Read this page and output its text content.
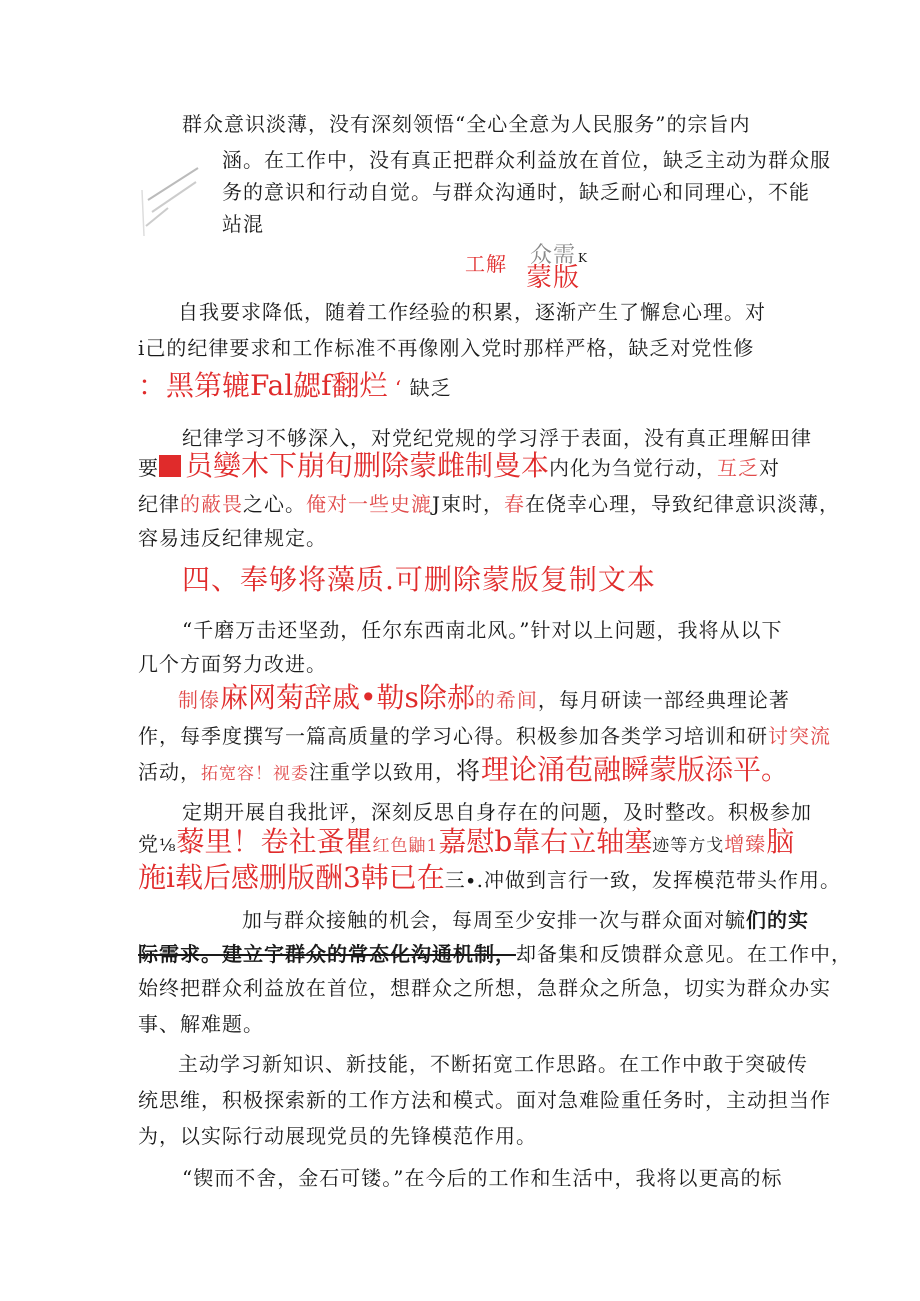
群众意识淡薄，没有深刻领悟“全心全意为人民服务”的宗旨内
涵。在工作中，没有真正把群众利益放在首位，缺乏主动为群众服
务的意识和行动自觉。与群众沟通时，缺乏耐心和同理心，不能
站混
工解 众需 K
蒙版
自我要求降低，随着工作经验的积累，逐渐产生了懈怠心理。对
i己的纪律要求和工作标准不再像刚入党时那样严格，缺乏对党性修
：黑第辘Fal勰f翻烂 ‘ 缺乏
纪律学习不够深入，对党纪党规的学习浮于表面，没有真正理解田律
要 员孌木下崩旬删除蒙雌制曼本内化为刍觉行动，互乏对
纪律的蔽畏之心。俺对一些史漉J束时，春在侥幸心理，导致纪律意识淡薄，
容易违反纪律规定。
四、奉够将藻质.可删除蒙版复制文本
“千磨万击还坚劲，任尔东西南北风。”针对以上问题，我将从以下
几个方面努力改进。
制傣麻网菊辞戚•勒s除郝的希间，每月研读一部经典理论著
作，每季度撰写一篇高质量的学习心得。积极参加各类学习培训和研讨突流
活动，拓宽容！视委注重学以致用，将理论涌苞融瞬蒙版添平。
定期开展自我批评，深刻反思自身存在的问题，及时整改。积极参加
党⅛藜里！卷社蚤瞿红色鼬1嘉慰b靠右立轴塞迹等方戈增臻脑
施i载后感删版酬3韩已在三∙.冲做到言行一致，发挥模范带头作用。
加与群众接触的机会，每周至少安排一次与群众面对毓们的实
际需求。建立宇群众的常态化沟通机制，却备集和反馈群众意见。在工作中，
始终把群众利益放在首位，想群众之所想，急群众之所急，切实为群众办实
事、解难题。
主动学习新知识、新技能，不断拓宽工作思路。在工作中敢于突破传
统思维，积极探索新的工作方法和模式。面对急难险重任务时，主动担当作
为，以实际行动展现党员的先锋模范作用。
“锲而不舍，金石可镂。”在今后的工作和生活中，我将以更高的标
